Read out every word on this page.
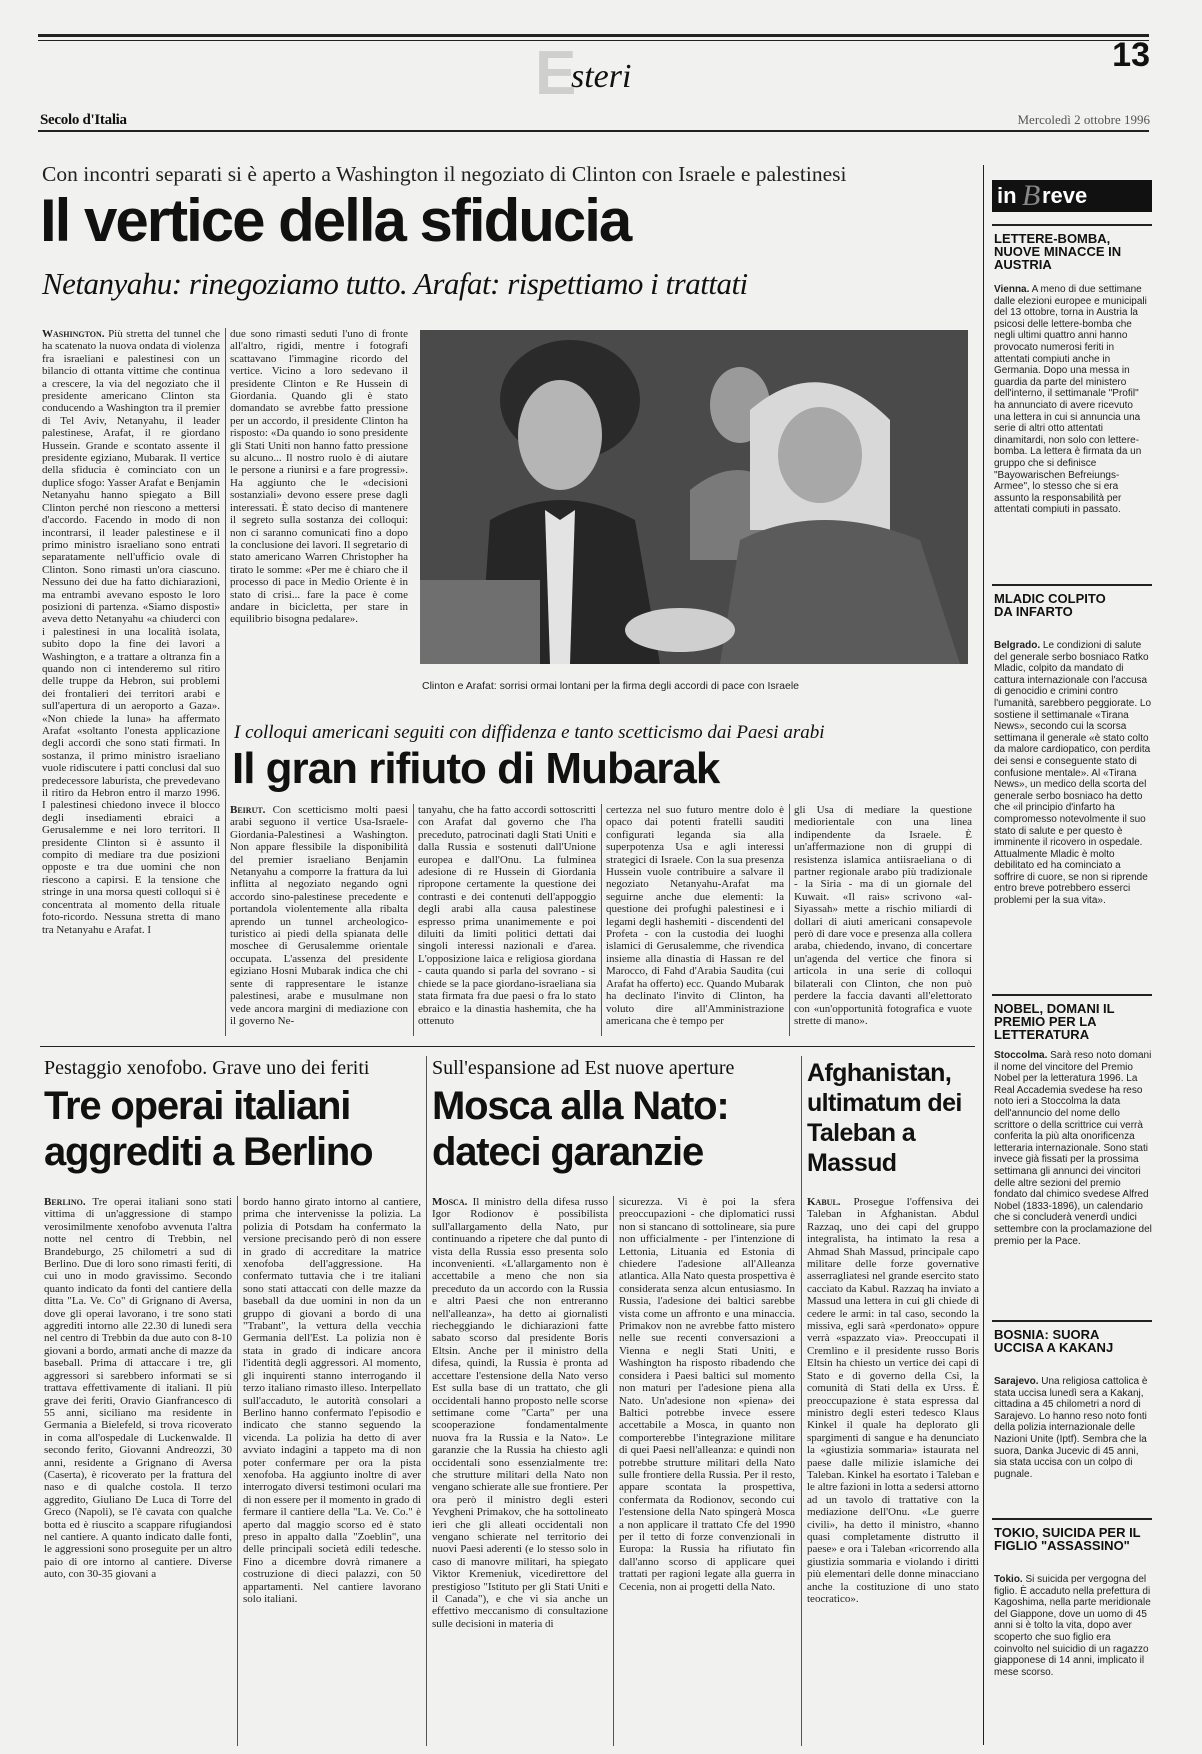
E
steri
13
Secolo d'Italia	Mercoledì 2 ottobre 1996
Con incontri separati si è aperto a Washington il negoziato di Clinton con Israele e palestinesi
Il vertice della sfiducia
Netanyahu: rinegoziamo tutto. Arafat: rispettiamo i trattati
Washington. Più stretta del tunnel che ha scatenato la nuova ondata di violenza fra israeliani e palestinesi con un bilancio di ottanta vittime che continua a crescere, la via del negoziato che il presidente americano Clinton sta conducendo a Washington tra il premier di Tel Aviv, Netanyahu, il leader palestinese, Arafat, il re giordano Hussein. Grande e scontato assente il presidente egiziano, Mubarak. Il vertice della sfiducia è cominciato con un duplice sfogo: Yasser Arafat e Benjamin Netanyahu hanno spiegato a Bill Clinton perché non riescono a mettersi d'accordo. Facendo in modo di non incontrarsi, il leader palestinese e il primo ministro israeliano sono entrati separatamente nell'ufficio ovale di Clinton. Sono rimasti un'ora ciascuno. Nessuno dei due ha fatto dichiarazioni, ma entrambi avevano esposto le loro posizioni di partenza. «Siamo disposti» aveva detto Netanyahu «a chiuderci con i palestinesi in una località isolata, subito dopo la fine dei lavori a Washington, e a trattare a oltranza fin a quando non ci intenderemo sul ritiro delle truppe da Hebron, sui problemi dei frontalieri dei territori arabi e sull'apertura di un aeroporto a Gaza». «Non chiede la luna» ha affermato Arafat «soltanto l'onesta applicazione degli accordi che sono stati firmati. In sostanza, il primo ministro israeliano vuole ridiscutere i patti conclusi dal suo predecessore laburista, che prevedevano il ritiro da Hebron entro il marzo 1996. I palestinesi chiedono invece il blocco degli insediamenti ebraici a Gerusalemme e nei loro territori. Il presidente Clinton si è assunto il compito di mediare tra due posizioni opposte e tra due uomini che non riescono a capirsi. E la tensione che stringe in una morsa questi colloqui si è concentrata al momento della rituale foto-ricordo. Nessuna stretta di mano tra Netanyahu e Arafat. I
due sono rimasti seduti l'uno di fronte all'altro, rigidi, mentre i fotografi scattavano l'immagine ricordo del vertice. Vicino a loro sedevano il presidente Clinton e Re Hussein di Giordania. Quando gli è stato domandato se avrebbe fatto pressione per un accordo, il presidente Clinton ha risposto: «Da quando io sono presidente gli Stati Uniti non hanno fatto pressione su alcuno... Il nostro ruolo è di aiutare le persone a riunirsi e a fare progressi». Ha aggiunto che le «decisioni sostanziali» devono essere prese dagli interessati. È stato deciso di mantenere il segreto sulla sostanza dei colloqui: non ci saranno comunicati fino a dopo la conclusione dei lavori. Il segretario di stato americano Warren Christopher ha tirato le somme: «Per me è chiaro che il processo di pace in Medio Oriente è in stato di crisi... fare la pace è come andare in bicicletta, per stare in equilibrio bisogna pedalare».
Clinton e Arafat: sorrisi ormai lontani per la firma degli accordi di pace con Israele
I colloqui americani seguiti con diffidenza e tanto scetticismo dai Paesi arabi
Il gran rifiuto di Mubarak
Beirut. Con scetticismo molti paesi arabi seguono il vertice Usa-Israele-Giordania-Palestinesi a Washington. Non appare flessibile la disponibilità del premier israeliano Benjamin Netanyahu a comporre la frattura da lui inflitta al negoziato negando ogni accordo sino-palestinese precedente e portandola violentemente alla ribalta aprendo un tunnel archeologico-turistico ai piedi della spianata delle moschee di Gerusalemme orientale occupata. L'assenza del presidente egiziano Hosni Mubarak indica che chi sente di rappresentare le istanze palestinesi, arabe e musulmane non vede ancora margini di mediazione con il governo Ne-
tanyahu, che ha fatto accordi sottoscritti con Arafat dal governo che l'ha preceduto, patrocinati dagli Stati Uniti e dalla Russia e sostenuti dall'Unione europea e dall'Onu. La fulminea adesione di re Hussein di Giordania ripropone certamente la questione dei contrasti e dei contenuti dell'appoggio degli arabi alla causa palestinese espresso prima unanimemente e poi diluiti da limiti politici dettati dai singoli interessi nazionali e d'area. L'opposizione laica e religiosa giordana - cauta quando si parla del sovrano - si chiede se la pace giordano-israeliana sia stata firmata fra due paesi o fra lo stato ebraico e la dinastia hashemita, che ha ottenuto
certezza nel suo futuro mentre dolo è opaco dai potenti fratelli sauditi configurati leganda sia alla superpotenza Usa e agli interessi strategici di Israele. Con la sua presenza Hussein vuole contribuire a salvare il negoziato Netanyahu-Arafat ma seguirne anche due elementi: la questione dei profughi palestinesi e i legami degli hashemiti - discendenti del Profeta - con la custodia dei luoghi islamici di Gerusalemme, che rivendica insieme alla dinastia di Hassan re del Marocco, di Fahd d'Arabia Saudita (cui Arafat ha offerto) ecc. Quando Mubarak ha declinato l'invito di Clinton, ha voluto dire all'Amministrazione americana che è tempo per
gli Usa di mediare la questione mediorientale con una linea indipendente da Israele. È un'affermazione non di gruppi di resistenza islamica antiisraeliana o di partner regionale arabo più tradizionale - la Siria - ma di un giornale del Kuwait. «Il raìs» scrivono «al-Siyassah» mette a rischio miliardi di dollari di aiuti americani consapevole però di dare voce e presenza alla collera araba, chiedendo, invano, di concertare un'agenda del vertice che finora si articola in una serie di colloqui bilaterali con Clinton, che non può perdere la faccia davanti all'elettorato con «un'opportunità fotografica e vuote strette di mano».
Pestaggio xenofobo. Grave uno dei feriti
Tre operai italiani
aggrediti a Berlino
Berlino. Tre operai italiani sono stati vittima di un'aggressione di stampo verosimilmente xenofobo avvenuta l'altra notte nel centro di Trebbin, nel Brandeburgo, 25 chilometri a sud di Berlino. Due di loro sono rimasti feriti, di cui uno in modo gravissimo. Secondo quanto indicato da fonti del cantiere della ditta "La. Ve. Co" di Grignano di Aversa, dove gli operai lavorano, i tre sono stati aggrediti intorno alle 22.30 di lunedì sera nel centro di Trebbin da due auto con 8-10 giovani a bordo, armati anche di mazze da baseball. Prima di attaccare i tre, gli aggressori si sarebbero informati se si trattava effettivamente di italiani. Il più grave dei feriti, Oravio Gianfrancesco di 55 anni, siciliano ma residente in Germania a Bielefeld, si trova ricoverato in coma all'ospedale di Luckenwalde. Il secondo ferito, Giovanni Andreozzi, 30 anni, residente a Grignano di Aversa (Caserta), è ricoverato per la frattura del naso e di qualche costola. Il terzo aggredito, Giuliano De Luca di Torre del Greco (Napoli), se l'è cavata con qualche botta ed è riuscito a scappare rifugiandosi nel cantiere. A quanto indicato dalle fonti, le aggressioni sono proseguite per un altro paio di ore intorno al cantiere. Diverse auto, con 30-35 giovani a
bordo hanno girato intorno al cantiere, prima che intervenisse la polizia. La polizia di Potsdam ha confermato la versione precisando però di non essere in grado di accreditare la matrice xenofoba dell'aggressione. Ha confermato tuttavia che i tre italiani sono stati attaccati con delle mazze da baseball da due uomini in non da un gruppo di giovani a bordo di una "Trabant", la vettura della vecchia Germania dell'Est. La polizia non è stata in grado di indicare ancora l'identità degli aggressori. Al momento, gli inquirenti stanno interrogando il terzo italiano rimasto illeso. Interpellato sull'accaduto, le autorità consolari a Berlino hanno confermato l'episodio e indicato che stanno seguendo la vicenda. La polizia ha detto di aver avviato indagini a tappeto ma di non poter confermare per ora la pista xenofoba. Ha aggiunto inoltre di aver interrogato diversi testimoni oculari ma di non essere per il momento in grado di fermare il cantiere della "La. Ve. Co." è aperto dal maggio scorso ed è stato preso in appalto dalla "Zoeblin", una delle principali società edili tedesche. Fino a dicembre dovrà rimanere a costruzione di dieci palazzi, con 50 appartamenti. Nel cantiere lavorano solo italiani.
Sull'espansione ad Est nuove aperture
Mosca alla Nato:
dateci garanzie
Mosca. Il ministro della difesa russo Igor Rodionov è possibilista sull'allargamento della Nato, pur continuando a ripetere che dal punto di vista della Russia esso presenta solo inconvenienti. «L'allargamento non è accettabile a meno che non sia preceduto da un accordo con la Russia e altri Paesi che non entreranno nell'alleanza», ha detto ai giornalisti riecheggiando le dichiarazioni fatte sabato scorso dal presidente Boris Eltsin. Anche per il ministro della difesa, quindi, la Russia è pronta ad accettare l'estensione della Nato verso Est sulla base di un trattato, che gli occidentali hanno proposto nelle scorse settimane come "Carta" per una scooperazione fondamentalmente nuova fra la Russia e la Nato». Le garanzie che la Russia ha chiesto agli occidentali sono essenzialmente tre: che strutture militari della Nato non vengano schierate alle sue frontiere. Per ora però il ministro degli esteri Yevgheni Primakov, che ha sottolineato ieri che gli alleati occidentali non vengano schierate nel territorio dei nuovi Paesi aderenti (e lo stesso solo in caso di manovre militari, ha spiegato Viktor Kremeniuk, vicedirettore del prestigioso "Istituto per gli Stati Uniti e il Canada"), e che vi sia anche un effettivo meccanismo di consultazione sulle decisioni in materia di
sicurezza. Vi è poi la sfera preoccupazioni - che diplomatici russi non si stancano di sottolineare, sia pure non ufficialmente - per l'intenzione di Lettonia, Lituania ed Estonia di chiedere l'adesione all'Alleanza atlantica. Alla Nato questa prospettiva è considerata senza alcun entusiasmo. In Russia, l'adesione dei baltici sarebbe vista come un affronto e una minaccia. Primakov non ne avrebbe fatto mistero nelle sue recenti conversazioni a Vienna e negli Stati Uniti, e Washington ha risposto ribadendo che considera i Paesi baltici sul momento non maturi per l'adesione piena alla Nato. Un'adesione non «piena» dei Baltici potrebbe invece essere accettabile a Mosca, in quanto non comporterebbe l'integrazione militare di quei Paesi nell'alleanza: e quindi non potrebbe strutture militari della Nato sulle frontiere della Russia. Per il resto, appare scontata la prospettiva, confermata da Rodionov, secondo cui l'estensione della Nato spingerà Mosca a non applicare il trattato Cfe del 1990 per il tetto di forze convenzionali in Europa: la Russia ha rifiutato fin dall'anno scorso di applicare quei trattati per ragioni legate alla guerra in Cecenia, non ai progetti della Nato.
Afghanistan, ultimatum dei Taleban a Massud
Kabul. Prosegue l'offensiva dei Taleban in Afghanistan. Abdul Razzaq, uno dei capi del gruppo integralista, ha intimato la resa a Ahmad Shah Massud, principale capo militare delle forze governative asserragliatesi nel grande esercito stato cacciato da Kabul. Razzaq ha inviato a Massud una lettera in cui gli chiede di cedere le armi: in tal caso, secondo la missiva, egli sarà «perdonato» oppure verrà «spazzato via». Preoccupati il Cremlino e il presidente russo Boris Eltsin ha chiesto un vertice dei capi di Stato e di governo della Csi, la comunità di Stati della ex Urss. È preoccupazione è stata espressa dal ministro degli esteri tedesco Klaus Kinkel il quale ha deplorato gli spargimenti di sangue e ha denunciato la «giustizia sommaria» istaurata nel paese dalle milizie islamiche dei Taleban. Kinkel ha esortato i Taleban e le altre fazioni in lotta a sedersi attorno ad un tavolo di trattative con la mediazione dell'Onu. «Le guerre civili», ha detto il ministro, «hanno quasi completamente distrutto il paese» e ora i Taleban «ricorrendo alla giustizia sommaria e violando i diritti più elementari delle donne minacciano anche la costituzione di uno stato teocratico».
in B reve
LETTERE-BOMBA, NUOVE MINACCE IN AUSTRIA
Vienna. A meno di due settimane dalle elezioni europee e municipali del 13 ottobre, torna in Austria la psicosi delle lettere-bomba che negli ultimi quattro anni hanno provocato numerosi feriti in attentati compiuti anche in Germania. Dopo una messa in guardia da parte del ministero dell'interno, il settimanale "Profil" ha annunciato di avere ricevuto una lettera in cui si annuncia una serie di altri otto attentati dinamitardi, non solo con lettere-bomba. La lettera è firmata da un gruppo che si definisce "Bayowarischen Befreiungs-Armee", lo stesso che si era assunto la responsabilità per attentati compiuti in passato.
MLADIC COLPITO DA INFARTO
Belgrado. Le condizioni di salute del generale serbo bosniaco Ratko Mladic, colpito da mandato di cattura internazionale con l'accusa di genocidio e crimini contro l'umanità, sarebbero peggiorate. Lo sostiene il settimanale «Tirana News», secondo cui la scorsa settimana il generale «è stato colto da malore cardiopatico, con perdita dei sensi e conseguente stato di confusione mentale». Al «Tirana News», un medico della scorta del generale serbo bosniaco ha detto che «il principio d'infarto ha compromesso notevolmente il suo stato di salute e per questo è imminente il ricovero in ospedale. Attualmente Mladic è molto debilitato ed ha cominciato a soffrire di cuore, se non si riprende entro breve potrebbero esserci problemi per la sua vita».
NOBEL, DOMANI IL PREMIO PER LA LETTERATURA
Stoccolma. Sarà reso noto domani il nome del vincitore del Premio Nobel per la letteratura 1996. La Real Accademia svedese ha reso noto ieri a Stoccolma la data dell'annuncio del nome dello scrittore o della scrittrice cui verrà conferita la più alta onorificenza letteraria internazionale. Sono stati invece già fissati per la prossima settimana gli annunci dei vincitori delle altre sezioni del premio fondato dal chimico svedese Alfred Nobel (1833-1896), un calendario che si concluderà venerdì undici settembre con la proclamazione del premio per la Pace.
BOSNIA: SUORA UCCISA A KAKANJ
Sarajevo. Una religiosa cattolica è stata uccisa lunedì sera a Kakanj, cittadina a 45 chilometri a nord di Sarajevo. Lo hanno reso noto fonti della polizia internazionale delle Nazioni Unite (Iptf). Sembra che la suora, Danka Jucevic di 45 anni, sia stata uccisa con un colpo di pugnale.
TOKIO, SUICIDA PER IL FIGLIO "ASSASSINO"
Tokio. Si suicida per vergogna del figlio. È accaduto nella prefettura di Kagoshima, nella parte meridionale del Giappone, dove un uomo di 45 anni si è tolto la vita, dopo aver scoperto che suo figlio era coinvolto nel suicidio di un ragazzo giapponese di 14 anni, implicato il mese scorso.
